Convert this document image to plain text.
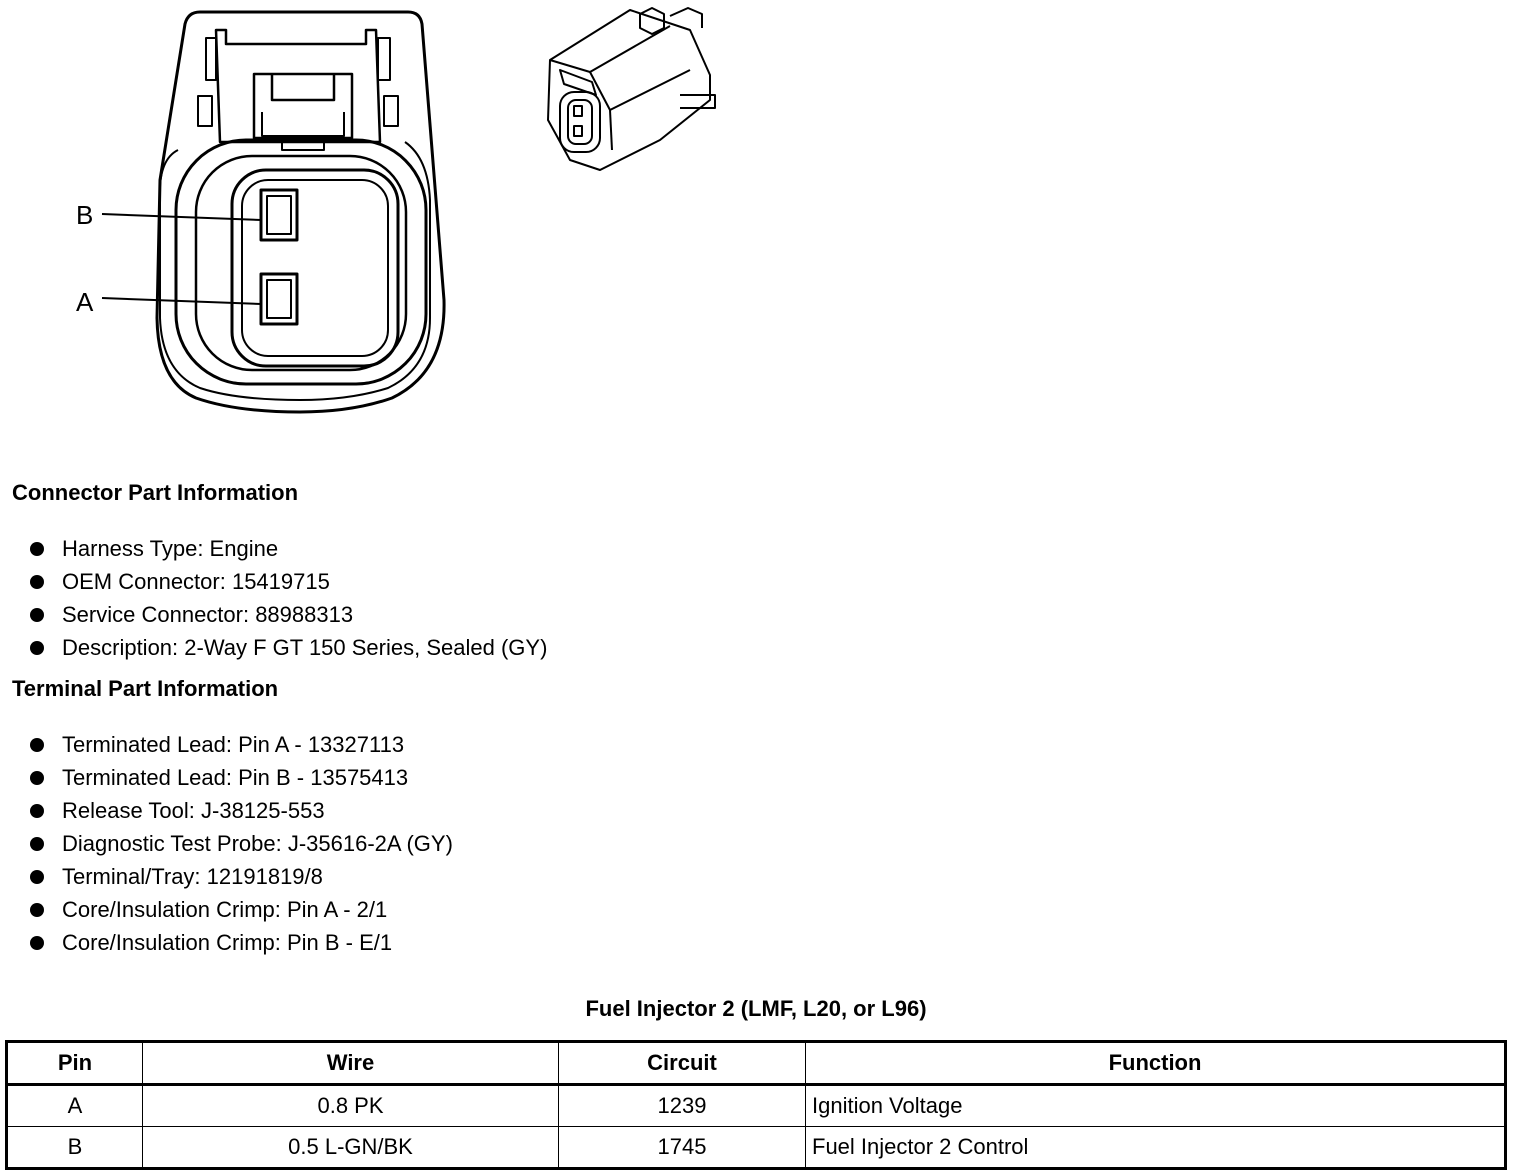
B
A
Connector Part Information
Harness Type: Engine
OEM Connector: 15419715
Service Connector: 88988313
Description: 2-Way F GT 150 Series, Sealed (GY)
Terminal Part Information
Terminated Lead: Pin A - 13327113
Terminated Lead: Pin B - 13575413
Release Tool: J-38125-553
Diagnostic Test Probe: J-35616-2A (GY)
Terminal/Tray: 12191819/8
Core/Insulation Crimp: Pin A - 2/1
Core/Insulation Crimp: Pin B - E/1
Fuel Injector 2 (LMF, L20, or L96)
Pin	Wire	Circuit	Function
A	0.8 PK	1239	Ignition Voltage
B	0.5 L-GN/BK	1745	Fuel Injector 2 Control
